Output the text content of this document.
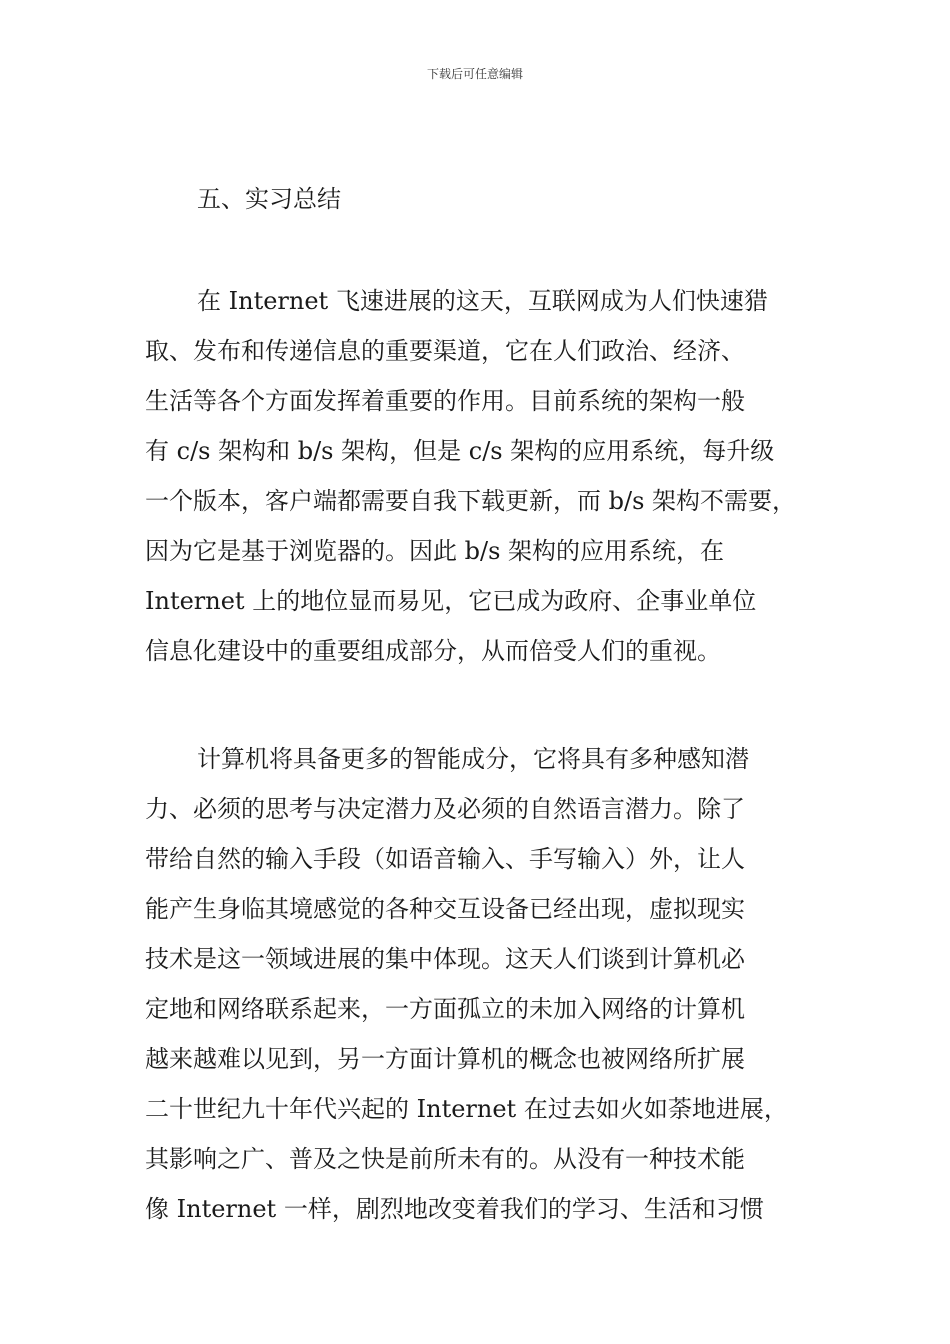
下载后可任意编辑
五、实习总结
在 Internet 飞速进展的这天，互联网成为人们快速猎
取、发布和传递信息的重要渠道，它在人们政治、经济、
生活等各个方面发挥着重要的作用。目前系统的架构一般
有 c/s 架构和 b/s 架构，但是 c/s 架构的应用系统，每升级
一个版本，客户端都需要自我下载更新，而 b/s 架构不需要，
因为它是基于浏览器的。因此 b/s 架构的应用系统，在
Internet 上的地位显而易见，它已成为政府、企事业单位
信息化建设中的重要组成部分，从而倍受人们的重视。
计算机将具备更多的智能成分，它将具有多种感知潜
力、必须的思考与决定潜力及必须的自然语言潜力。除了
带给自然的输入手段（如语音输入、手写输入）外，让人
能产生身临其境感觉的各种交互设备已经出现，虚拟现实
技术是这一领域进展的集中体现。这天人们谈到计算机必
定地和网络联系起来，一方面孤立的未加入网络的计算机
越来越难以见到，另一方面计算机的概念也被网络所扩展
二十世纪九十年代兴起的 Internet 在过去如火如荼地进展，
其影响之广、普及之快是前所未有的。从没有一种技术能
像 Internet 一样，剧烈地改变着我们的学习、生活和习惯
